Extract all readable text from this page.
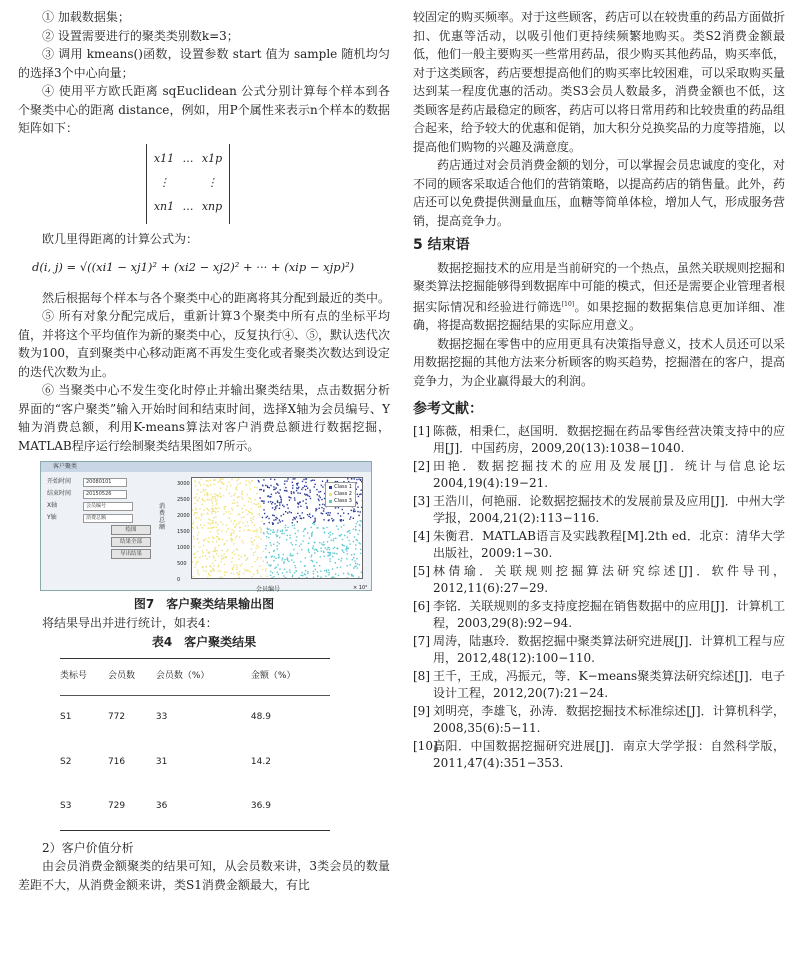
① 加载数据集；

② 设置需要进行的聚类类别数k=3；

③ 调用 kmeans()函数，设置参数 start 值为 sample 随机均匀的选择3个中心向量；

④ 使用平方欧氏距离 sqEuclidean 公式分别计算每个样本到各个聚类中心的距离 distance，例如，用P个属性来表示n个样本的数据矩阵如下：

x11 … x1p
⋮	⋮
xn1 … xnp

欧几里得距离的计算公式为：

d(i, j) = √((xi1 − xj1)² + (xi2 − xj2)² + ··· + (xip − xjp)²)

然后根据每个样本与各个聚类中心的距离将其分配到最近的类中。

⑤ 所有对象分配完成后，重新计算3个聚类中所有点的坐标平均值，并将这个平均值作为新的聚类中心，反复执行④、⑤，默认迭代次数为100，直到聚类中心移动距离不再发生变化或者聚类次数达到设定的迭代次数为止。

⑥ 当聚类中心不发生变化时停止并输出聚类结果，点击数据分析界面的“客户聚类”输入开始时间和结束时间，选择X轴为会员编号、Y轴为消费总额，利用K-means算法对客户消费总额进行数据挖掘，MATLAB程序运行绘制聚类结果图如7所示。

客户聚类
开始时间	20080101
结束时间	20150526
X轴	会员编号
Y轴	消费总额
绘图
结果全部
导出结果
3000
2500
2000
1500
1000
500
0
消费总额
Class 1
Class 2
Class 3
会员编号	× 10⁴
图7　客户聚类结果输出图

将结果导出并进行统计，如表4：

表4　客户聚类结果
类标号	会员数	会员数（%）	金额（%）
S1	772	33	48.9
S2	716	31	14.2
S3	729	36	36.9

2）客户价值分析

由会员消费金额聚类的结果可知，从会员数来讲，3类会员的数量差距不大，从消费金额来讲，类S1消费金额最大，有比

较固定的购买频率。对于这些顾客，药店可以在较贵重的药品方面做折扣、优惠等活动，以吸引他们更持续频繁地购买。类S2消费金额最低，他们一般主要购买一些常用药品，很少购买其他药品，购买率低，对于这类顾客，药店要想提高他们的购买率比较困难，可以采取购买量达到某一程度优惠的活动。类S3会员人数最多，消费金额也不低，这类顾客是药店最稳定的顾客，药店可以将日常用药和比较贵重的药品组合起来，给予较大的优惠和促销，加大积分兑换奖品的力度等措施，以提高他们购物的兴趣及满意度。

药店通过对会员消费金额的划分，可以掌握会员忠诚度的变化，对不同的顾客采取适合他们的营销策略，以提高药店的销售量。此外，药店还可以免费提供测量血压，血糖等简单体检，增加人气，形成服务营销，提高竞争力。

5 结束语

数据挖掘技术的应用是当前研究的一个热点，虽然关联规则挖掘和聚类算法挖掘能够得到数据库中可能的模式，但还是需要企业管理者根据实际情况和经验进行筛选[10]。如果挖掘的数据集信息更加详细、准确，将提高数据挖掘结果的实际应用意义。

数据挖掘在零售中的应用更具有决策指导意义，技术人员还可以采用数据挖掘的其他方法来分析顾客的购买趋势，挖掘潜在的客户，提高竞争力，为企业赢得最大的利润。

参考文献：
[1] 陈薇，相秉仁，赵国明．数据挖掘在药品零售经营决策支持中的应用[J]．中国药房，2009,20(13):1038−1040.
[2] 田艳．数据挖掘技术的应用及发展[J]．统计与信息论坛 2004,19(4):19−21.
[3] 王浩川，何艳丽．论数据挖掘技术的发展前景及应用[J]．中州大学学报，2004,21(2):113−116.
[4] 朱衡君．MATLAB语言及实践教程[M].2th ed．北京：清华大学出版社，2009:1−30.
[5] 林倩瑜．关联规则挖掘算法研究综述[J]．软件导刊，2012,11(6):27−29.
[6] 李铭．关联规则的多支持度挖掘在销售数据中的应用[J]．计算机工程，2003,29(8):92−94.
[7] 周涛，陆惠玲．数据挖掘中聚类算法研究进展[J]．计算机工程与应用，2012,48(12):100−110.
[8] 王千，王成，冯振元，等．K−means聚类算法研究综述[J]．电子设计工程，2012,20(7):21−24.
[9] 刘明亮，李雄飞，孙涛．数据挖掘技术标准综述[J]．计算机科学，2008,35(6):5−11.
[10]
高阳．中国数据挖掘研究进展[J]．南京大学学报：自然科学版，2011,47(4):351−353.
